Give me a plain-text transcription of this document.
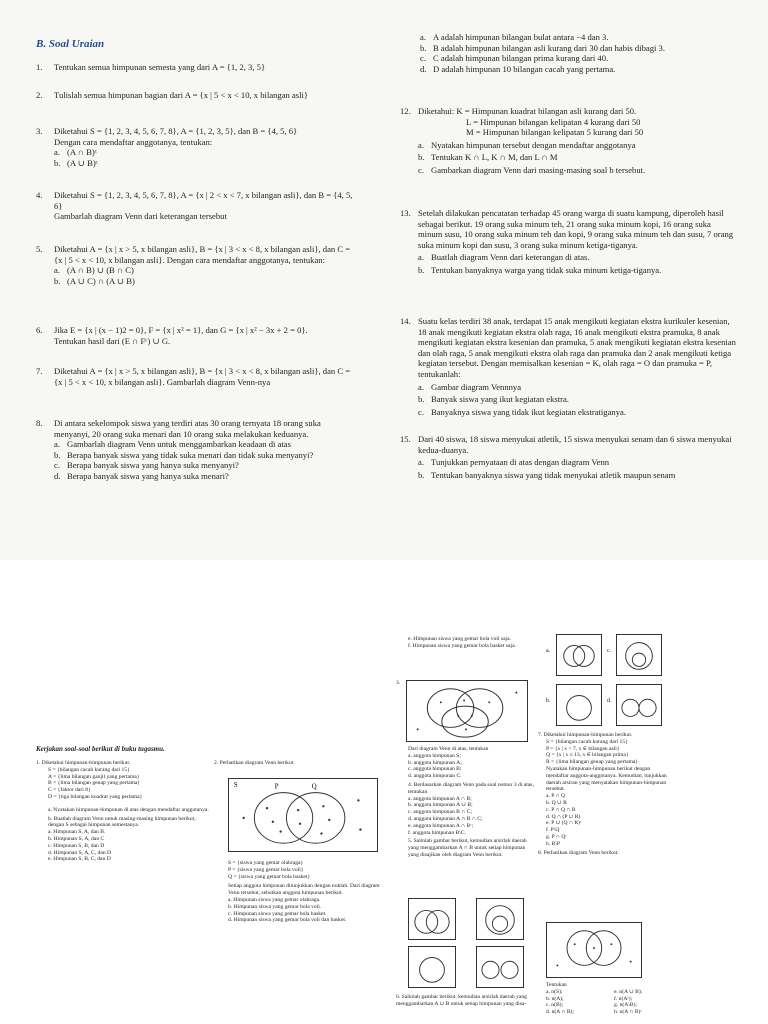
B. Soal Uraian
1. Tentukan semua himpunan semesta yang dari A = {1, 2, 3, 5}
2. Tulislah semua himpunan bagian dari A = {x | 5 < x < 10, x bilangan asli}
3. Diketahui S = {1, 2, 3, 4, 5, 6, 7, 8}, A = {1, 2, 3, 5}, dan B = {4, 5, 6}
Dengan cara mendaftar anggotanya, tentukan:
a. (A ∩ B)ᶜ
b. (A ∪ B)ᶜ
4. Diketahui S = {1, 2, 3, 4, 5, 6, 7, 8}, A = {x | 2 < x < 7, x bilangan asli}, dan B = {4, 5, 6}
Gambarlah diagram Venn dari keterangan tersebut
5. Diketahui A = {x | x > 5, x bilangan asli}, B = {x | 3 < x < 8, x bilangan asli}, dan C = {x | 5 < x < 10, x bilangan asli}. Dengan cara mendaftar anggotanya, tentukan:
a. (A ∩ B) ∪ (B ∩ C)
b. (A ∪ C) ∩ (A ∪ B)
6. Jika E = {x | (x − 1)2 = 0}, F = {x | x² = 1}, dan G = {x | x² − 3x + 2 = 0}.
Tentukan hasil dari (E ∩ Fᶜ) ∪ G.
7. Diketahui A = {x | x > 5, x bilangan asli}, B = {x | 3 < x < 8, x bilangan asli}, dan C = {x | 5 < x < 10, x bilangan asli}. Gambarlah diagram Venn-nya
8. Di antara sekelompok siswa yang terdiri atas 30 orang ternyata 18 orang suka menyanyi, 20 orang suka menari dan 10 orang suka melakukan keduanya.
a. Gambarlah diagram Venn untuk menggambarkan keadaan di atas
b. Berapa banyak siswa yang tidak suka menari dan tidak suka menyanyi?
c. Berapa banyak siswa yang hanya suka menyanyi?
d. Berapa banyak siswa yang hanya suka menari?
a. A adalah himpunan bilangan bulat antara −4 dan 3.
b. B adalah himpunan bilangan asli kurang dari 30 dan habis dibagi 3.
c. C adalah himpunan bilangan prima kurang dari 40.
d. D adalah himpunan 10 bilangan cacah yang pertama.
12. Diketahui: K = Himpunan kuadrat bilangan asli kurang dari 50.
L = Himpunan bilangan kelipatan 4 kurang dari 50
M = Himpunan bilangan kelipatan 5 kurang dari 50
a. Nyatakan himpunan tersebut dengan mendaftar anggotanya
b. Tentukan K ∩ L, K ∩ M, dan L ∩ M
c. Gambarkan diagram Venn dari masing-masing soal b tersebut.
13. Setelah dilakukan pencatatan terhadap 45 orang warga di suatu kampung, diperoleh hasil sebagai berikut. 19 orang suka minum teh, 21 orang suka minum kopi, 16 orang suka minum susu, 10 orang suka minum teh dan kopi, 9 orang suka minum teh dan susu, 7 orang suka minum kopi dan susu, 3 orang suka minum ketiga-tiganya.
a. Buatlah diagram Venn dari keterangan di atas.
b. Tentukan banyaknya warga yang tidak suka minum ketiga-tiganya.
14. Suatu kelas terdiri 38 anak, terdapat 15 anak mengikuti kegiatan ekstra kurikuler kesenian, 18 anak mengikuti kegiatan ekstra olah raga, 16 anak mengikuti ekstra pramuka, 8 anak mengikuti kegiatan ekstra kesenian dan pramuka, 5 anak mengikuti kegiatan ekstra kesenian dan olah raga, 5 anak mengikuti ekstra olah raga dan pramuka dan 2 anak mengikuti ketiga kegiatan tersebut. Dengan memisalkan kesenian = K, olah raga = O dan pramuka = P, tentukanlah:
a. Gambar diagram Vennnya
b. Banyak siswa yang ikut kegiatan ekstra.
c. Banyaknya siswa yang tidak ikut kegiatan ekstratiganya.
15. Dari 40 siswa, 18 siswa menyukai atletik, 15 siswa menyukai senam dan 6 siswa menyukai kedua-duanya.
a. Tunjukkan pernyataan di atas dengan diagram Venn
b. Tentukan banyaknya siswa yang tidak menyukai atletik maupun senam
Kerjakan soal-soal berikut di buku tugasmu.
1. Diketahui himpunan-himpunan berikut.
S = {bilangan cacah kurang dari 15}
A = {lima bilangan ganjil yang pertama}
B = {lima bilangan genap yang pertama}
C = {faktor dari 8}
D = {tiga bilangan kuadrat yang pertama}
a. Nyatakan himpunan-himpunan di atas dengan mendaftar anggotanya.
b. Buatlah diagram Venn untuk masing-masing himpunan berikut, dengan S sebagai himpunan semestanya.
a. Himpunan S, A, dan B.
b. Himpunan S, A, dan C
c. Himpunan S, B, dan D
d. Himpunan S, A, C, dan D
e. Himpunan S, B, C, dan D
2. Perhatikan diagram Venn berikut.
S	P	Q
S = {siswa yang gemar olahraga}
P = {siswa yang gemar bola voli}
Q = {siswa yang gemar bola basket}
Setiap anggota himpunan ditunjukkan dengan noktah. Dari diagram Venn tersebut, sebutkan anggota himpunan berikut.
a. Himpunan siswa yang gemar olahraga.
b. Himpunan siswa yang gemar bola voli.
c. Himpunan siswa yang gemar bola basket.
d. Himpunan siswa yang gemar bola voli dan basket.
e. Himpunan siswa yang gemar bola voli saja.
f. Himpunan siswa yang gemar bola basket saja.
3.
Dari diagram Venn di atas, tentukan
a. anggota himpunan S;
b. anggota himpunan A;
c. anggota himpunan B;
d. anggota himpunan C.
4. Berdasarkan diagram Venn pada soal nomor 3 di atas, tentukan
a. anggota himpunan A ∩ B;
b. anggota himpunan A ∪ B;
c. anggota himpunan B ∩ C;
d. anggota himpunan A ∩ B ∩ C;
e. anggota himpunan A ∩ Bᶜ;
f. anggota himpunan B\C.
5. Salinlah gambar berikut, kemudian arsirlah daerah yang menggambarkan A ∩ B untuk setiap himpunan yang disajikan oleh diagram Venn berikut.
6. Salinlah gambar berikut, kemudian arsirlah daerah yang menggambarkan A ∪ B untuk setiap himpunan yang disa-
a.	c.
b.	d.
7. Diketahui himpunan-himpunan berikut.
S = {bilangan cacah kurang dari 15}
P = {x | x < 7, x ∈ bilangan asli}
Q = {x | x ≤ 13, x ∈ bilangan prima}
R = {lima bilangan genap yang pertama}
Nyatakan himpunan-himpunan berikut dengan mendaftar anggota-anggotanya. Kemudian, tunjukkan daerah arsiran yang menyatakan himpunan-himpunan tersebut.
a. P ∩ Q
b. Q ∪ R
c. P ∩ Q ∩ R
d. Q ∩ (P ∪ R)
e. P ∪ (Q ∩ R)ᶜ
f. P\Q
g. P ∩ Qᶜ
h. R\P
8. Perhatikan diagram Venn berikut.
Tentukan
a. n(S);
b. n(A);
c. n(B);
d. n(A ∩ B);
e. n(A ∪ B);
f. n(Aᶜ);
g. n(A\B);
h. n(A ∩ B)ᶜ
